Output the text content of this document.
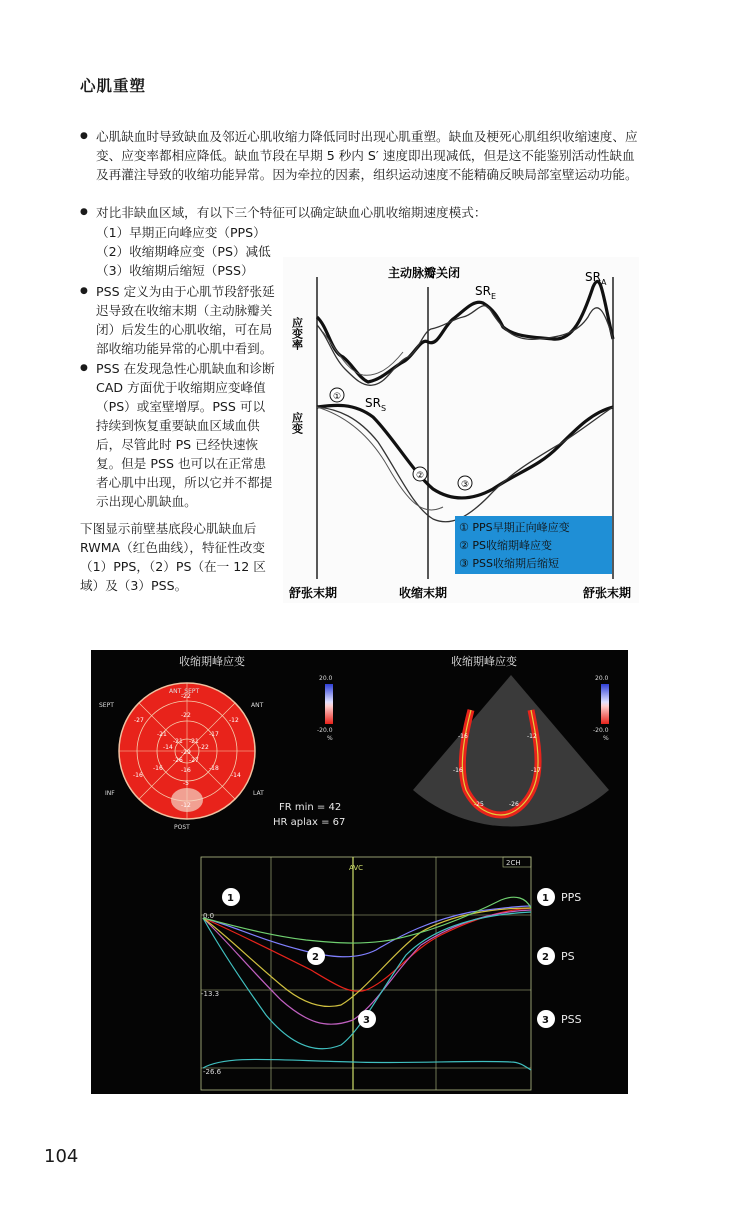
心肌重塑
● 心肌缺血时导致缺血及邻近心肌收缩力降低同时出现心肌重塑。缺血及梗死心肌组织收缩速度、应变、应变率都相应降低。缺血节段在早期 5 秒内 S′ 速度即出现减低，但是这不能鉴别活动性缺血及再灌注导致的收缩功能异常。因为牵拉的因素，组织运动速度不能精确反映局部室壁运动功能。
● 对比非缺血区域，有以下三个特征可以确定缺血心肌收缩期速度模式：
（1）早期正向峰应变（PPS）
（2）收缩期峰应变（PS）减低
（3）收缩期后缩短（PSS）
● PSS 定义为由于心肌节段舒张延迟导致在收缩末期（主动脉瓣关闭）后发生的心肌收缩，可在局部收缩功能异常的心肌中看到。
● PSS 在发现急性心肌缺血和诊断 CAD 方面优于收缩期应变峰值（PS）或室壁增厚。PSS 可以持续到恢复重要缺血区域血供后，尽管此时 PS 已经快速恢复。但是 PSS 也可以在正常患者心肌中出现，所以它并不都提示出现心肌缺血。
下图显示前壁基底段心肌缺血后 RWMA（红色曲线），特征性改变（1）PPS，（2）PS（在一 12 区域）及（3）PSS。
主动脉瓣关闭
应变率
应变
$SR_E$
$SR_A$
$SR_S$
①
②
③
① PPS早期正向峰应变
② PS收缩期峰应变
③ PSS收缩期后缩短
舒张末期	收缩末期	舒张末期
收缩期峰应变	收缩期峰应变
ANT_SEPT
ANT
SEPT
LAT
INF
POST
-22
-12
-27
-22
-21	-17
-21 -21
-22
-14
-29
-26 -27
-16	-18
-16	-14
-16
-5
-12
20.0
-20.0
%
20.0
-20.0
%
-16	-12
-16	-17
-25	-26
FR min = 42
HR aplax = 67
AVC
2CH
0.0
-13.3
-26.6
1
2
3
1 PPS
2 PS
3 PSS
104
